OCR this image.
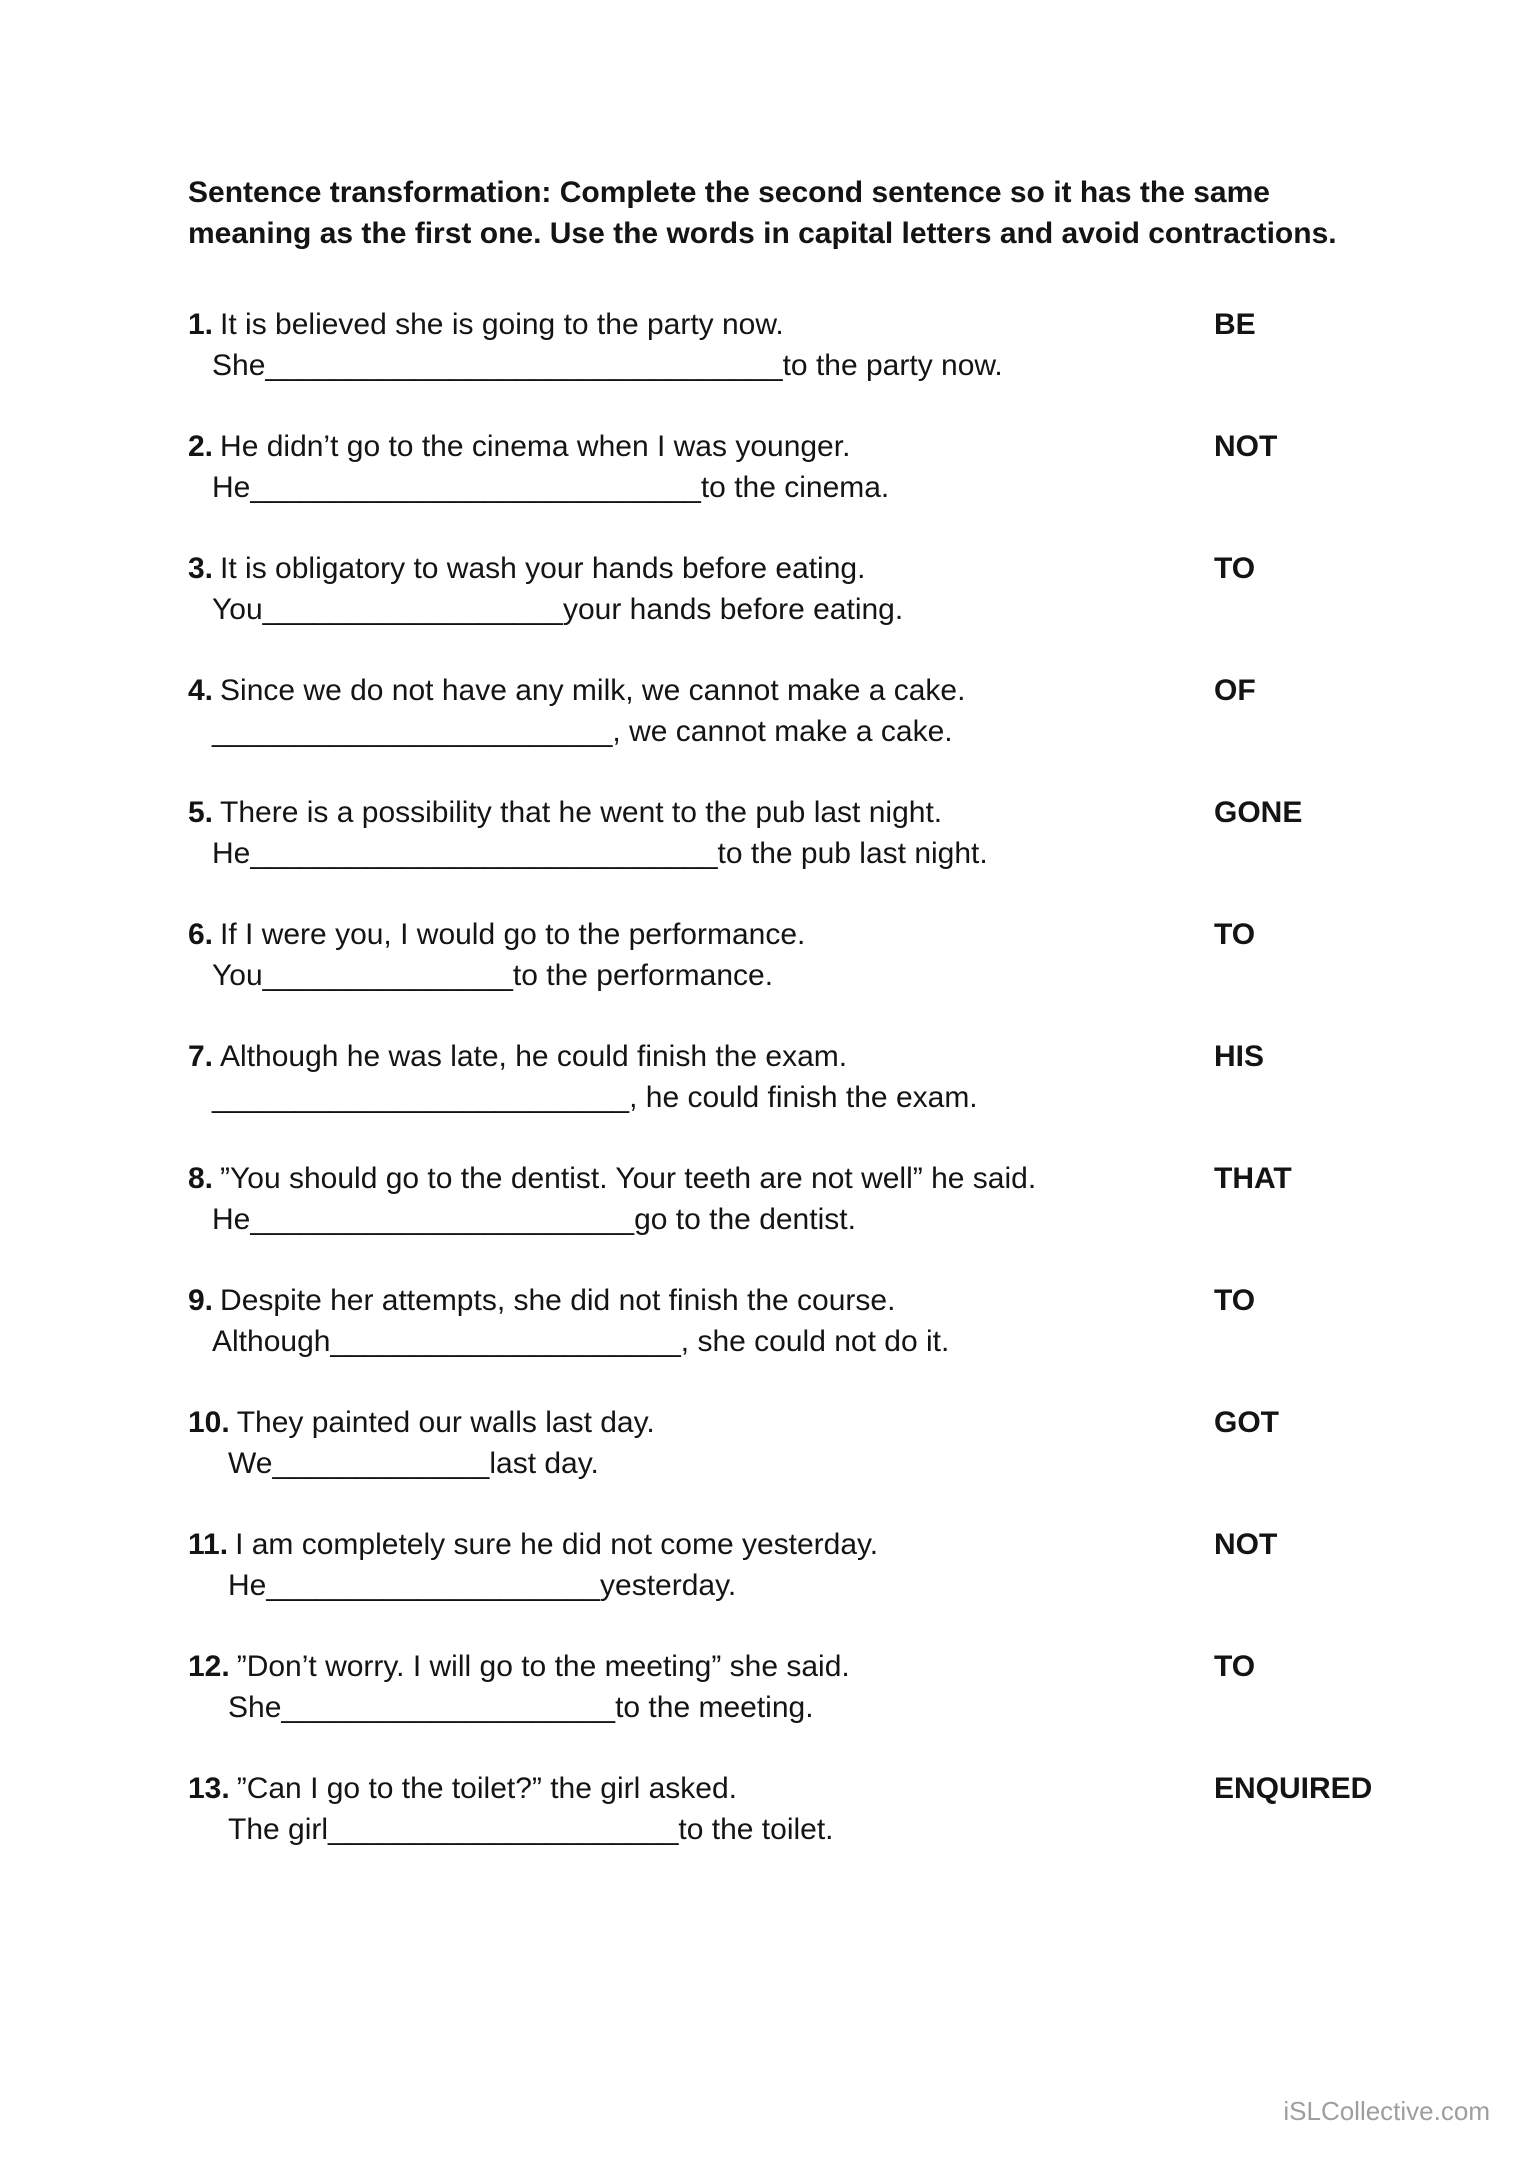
Sentence transformation: Complete the second sentence so it has the same meaning as the first one. Use the words in capital letters and avoid contractions.

1. It is believed she is going to the party now.
She_______________________________to the party now.
BE
2. He didn’t go to the cinema when I was younger.
He___________________________to the cinema.
NOT
3. It is obligatory to wash your hands before eating.
You__________________your hands before eating.
TO
4. Since we do not have any milk, we cannot make a cake.
________________________, we cannot make a cake.
OF
5. There is a possibility that he went to the pub last night.
He____________________________to the pub last night.
GONE
6. If I were you, I would go to the performance.
You_______________to the performance.
TO
7. Although he was late, he could finish the exam.
_________________________, he could finish the exam.
HIS
8. ”You should go to the dentist. Your teeth are not well” he said.
He_______________________go to the dentist.
THAT
9. Despite her attempts, she did not finish the course.
Although_____________________, she could not do it.
TO
10. They painted our walls last day.
We_____________last day.
GOT
11. I am completely sure he did not come yesterday.
He____________________yesterday.
NOT
12. ”Don’t worry. I will go to the meeting” she said.
She____________________to the meeting.
TO
13. ”Can I go to the toilet?” the girl asked.
The girl_____________________to the toilet.
ENQUIRED
iSLCollective.com
